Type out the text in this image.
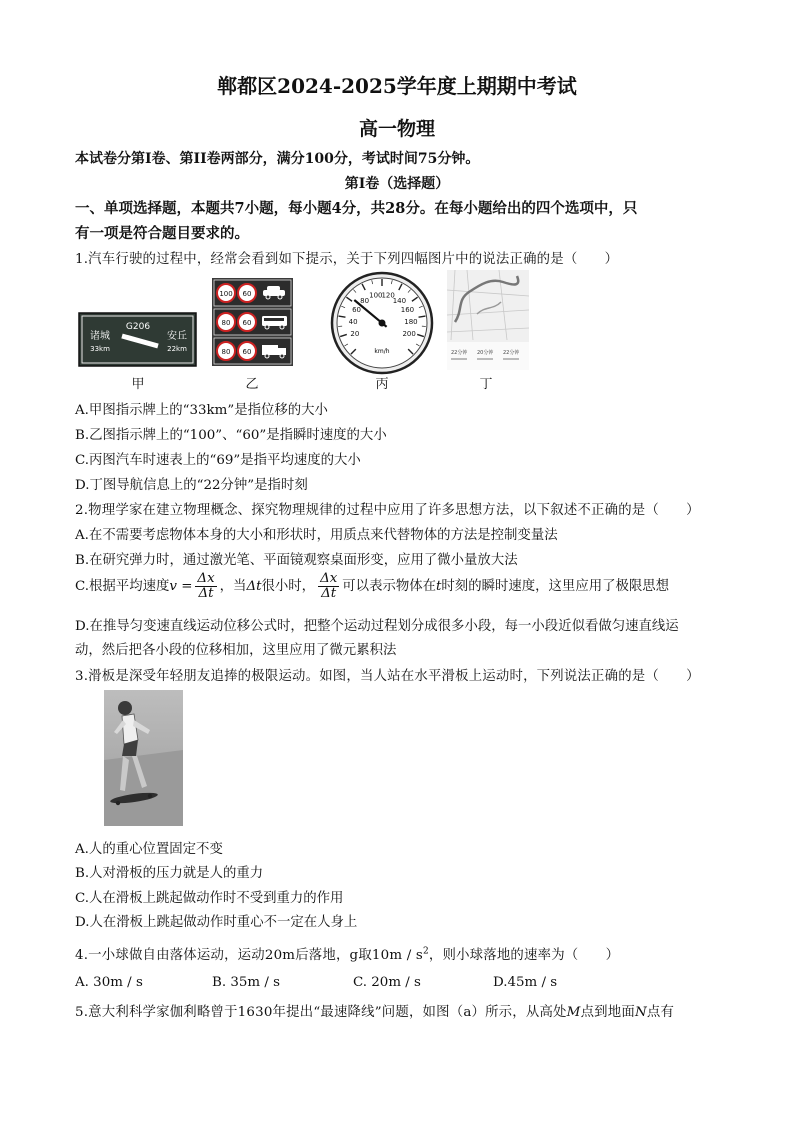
郸都区2024-2025学年度上期期中考试
高一物理
本试卷分第I卷、第II卷两部分，满分100分，考试时间75分钟。
第I卷（选择题）
一、单项选择题，本题共7小题，每小题4分，共28分。在每小题给出的四个选项中，只
有一项是符合题目要求的。
1.汽车行驶的过程中，经常会看到如下提示，关于下列四幅图片中的说法正确的是（　　）
G206
诸城
33km
安丘
22km
甲
100 60
80 60
80 60
乙
20
40
60
80
100
120
140
160
180
200
km/h
丙
22分钟 20分钟 22分钟
丁
A.甲图指示牌上的“33km”是指位移的大小
B.乙图指示牌上的“100”、“60”是指瞬时速度的大小
C.丙图汽车时速表上的“69”是指平均速度的大小
D.丁图导航信息上的“22分钟”是指时刻
2.物理学家在建立物理概念、探究物理规律的过程中应用了许多思想方法，以下叙述不正确的是（　　）
A.在不需要考虑物体本身的大小和形状时，用质点来代替物体的方法是控制变量法
B.在研究弹力时，通过激光笔、平面镜观察桌面形变，应用了微小量放大法
C.根据平均速度$v = \frac{\Delta x}{\Delta t}$ ，当Δt很小时， $\frac{\Delta x}{\Delta t}$ 可以表示物体在t时刻的瞬时速度，这里应用了极限思想
D.在推导匀变速直线运动位移公式时，把整个运动过程划分成很多小段，每一小段近似看做匀速直线运
动，然后把各小段的位移相加，这里应用了微元累积法
3.滑板是深受年轻朋友追捧的极限运动。如图，当人站在水平滑板上运动时，下列说法正确的是（　　）
A.人的重心位置固定不变
B.人对滑板的压力就是人的重力
C.人在滑板上跳起做动作时不受到重力的作用
D.人在滑板上跳起做动作时重心不一定在人身上
4.一小球做自由落体运动，运动20m后落地，g取$10m / s^2$，则小球落地的速率为（　　）
A. 30m / s	B. 35m / s	C. 20m / s	D.45m / s
5.意大利科学家伽利略曾于1630年提出“最速降线”问题，如图（a）所示，从高处M点到地面N点有
